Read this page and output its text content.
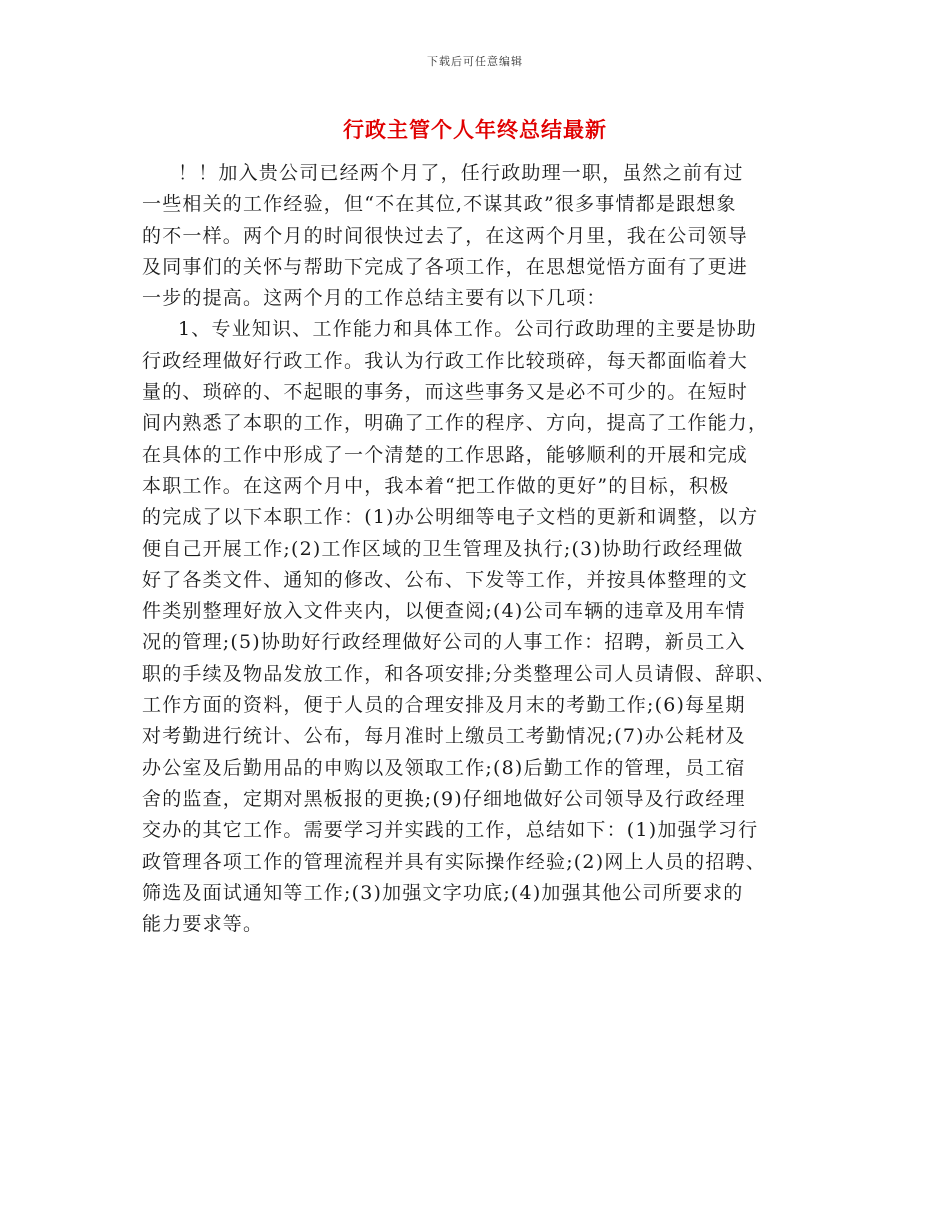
下载后可任意编辑
行政主管个人年终总结最新
！！加入贵公司已经两个月了，任行政助理一职，虽然之前有过
一些相关的工作经验，但“不在其位,不谋其政”很多事情都是跟想象
的不一样。两个月的时间很快过去了，在这两个月里，我在公司领导
及同事们的关怀与帮助下完成了各项工作，在思想觉悟方面有了更进
一步的提高。这两个月的工作总结主要有以下几项：
1、专业知识、工作能力和具体工作。公司行政助理的主要是协助
行政经理做好行政工作。我认为行政工作比较琐碎，每天都面临着大
量的、琐碎的、不起眼的事务，而这些事务又是必不可少的。在短时
间内熟悉了本职的工作，明确了工作的程序、方向，提高了工作能力，
在具体的工作中形成了一个清楚的工作思路，能够顺利的开展和完成
本职工作。在这两个月中，我本着“把工作做的更好”的目标，积极
的完成了以下本职工作：(1)办公明细等电子文档的更新和调整，以方
便自己开展工作;(2)工作区域的卫生管理及执行;(3)协助行政经理做
好了各类文件、通知的修改、公布、下发等工作，并按具体整理的文
件类别整理好放入文件夹内，以便查阅;(4)公司车辆的违章及用车情
况的管理;(5)协助好行政经理做好公司的人事工作：招聘，新员工入
职的手续及物品发放工作，和各项安排;分类整理公司人员请假、辞职、
工作方面的资料，便于人员的合理安排及月末的考勤工作;(6)每星期
对考勤进行统计、公布，每月准时上缴员工考勤情况;(7)办公耗材及
办公室及后勤用品的申购以及领取工作;(8)后勤工作的管理，员工宿
舍的监查，定期对黑板报的更换;(9)仔细地做好公司领导及行政经理
交办的其它工作。需要学习并实践的工作，总结如下：(1)加强学习行
政管理各项工作的管理流程并具有实际操作经验;(2)网上人员的招聘、
筛选及面试通知等工作;(3)加强文字功底;(4)加强其他公司所要求的
能力要求等。
